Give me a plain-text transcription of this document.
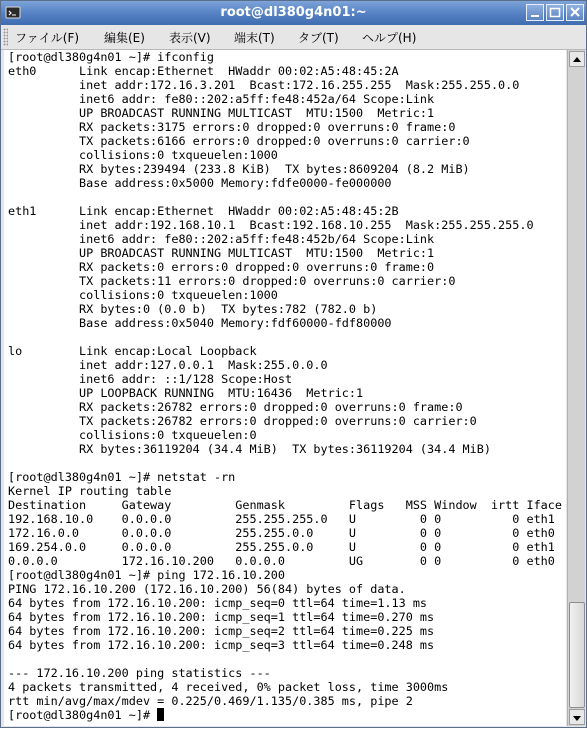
root@dl380g4n01:~
ファイル(F) 編集(E) 表示(V) 端末(T) タブ(T) ヘルプ(H)
[root@dl380g4n01 ~]# ifconfig
eth0      Link encap:Ethernet  HWaddr 00:02:A5:48:45:2A
inet addr:172.16.3.201  Bcast:172.16.255.255  Mask:255.255.0.0
inet6 addr: fe80::202:a5ff:fe48:452a/64 Scope:Link
UP BROADCAST RUNNING MULTICAST  MTU:1500  Metric:1
RX packets:3175 errors:0 dropped:0 overruns:0 frame:0
TX packets:6166 errors:0 dropped:0 overruns:0 carrier:0
collisions:0 txqueuelen:1000
RX bytes:239494 (233.8 KiB)  TX bytes:8609204 (8.2 MiB)
Base address:0x5000 Memory:fdfe0000-fe000000

eth1      Link encap:Ethernet  HWaddr 00:02:A5:48:45:2B
inet addr:192.168.10.1  Bcast:192.168.10.255  Mask:255.255.255.0
inet6 addr: fe80::202:a5ff:fe48:452b/64 Scope:Link
UP BROADCAST RUNNING MULTICAST  MTU:1500  Metric:1
RX packets:0 errors:0 dropped:0 overruns:0 frame:0
TX packets:11 errors:0 dropped:0 overruns:0 carrier:0
collisions:0 txqueuelen:1000
RX bytes:0 (0.0 b)  TX bytes:782 (782.0 b)
Base address:0x5040 Memory:fdf60000-fdf80000

lo        Link encap:Local Loopback
inet addr:127.0.0.1  Mask:255.0.0.0
inet6 addr: ::1/128 Scope:Host
UP LOOPBACK RUNNING  MTU:16436  Metric:1
RX packets:26782 errors:0 dropped:0 overruns:0 frame:0
TX packets:26782 errors:0 dropped:0 overruns:0 carrier:0
collisions:0 txqueuelen:0
RX bytes:36119204 (34.4 MiB)  TX bytes:36119204 (34.4 MiB)

[root@dl380g4n01 ~]# netstat -rn
Kernel IP routing table
Destination     Gateway         Genmask         Flags   MSS Window  irtt Iface
192.168.10.0    0.0.0.0         255.255.255.0   U         0 0          0 eth1
172.16.0.0      0.0.0.0         255.255.0.0     U         0 0          0 eth0
169.254.0.0     0.0.0.0         255.255.0.0     U         0 0          0 eth1
0.0.0.0         172.16.10.200   0.0.0.0         UG        0 0          0 eth0
[root@dl380g4n01 ~]# ping 172.16.10.200
PING 172.16.10.200 (172.16.10.200) 56(84) bytes of data.
64 bytes from 172.16.10.200: icmp_seq=0 ttl=64 time=1.13 ms
64 bytes from 172.16.10.200: icmp_seq=1 ttl=64 time=0.270 ms
64 bytes from 172.16.10.200: icmp_seq=2 ttl=64 time=0.225 ms
64 bytes from 172.16.10.200: icmp_seq=3 ttl=64 time=0.248 ms

--- 172.16.10.200 ping statistics ---
4 packets transmitted, 4 received, 0% packet loss, time 3000ms
rtt min/avg/max/mdev = 0.225/0.469/1.135/0.385 ms, pipe 2
[root@dl380g4n01 ~]#
